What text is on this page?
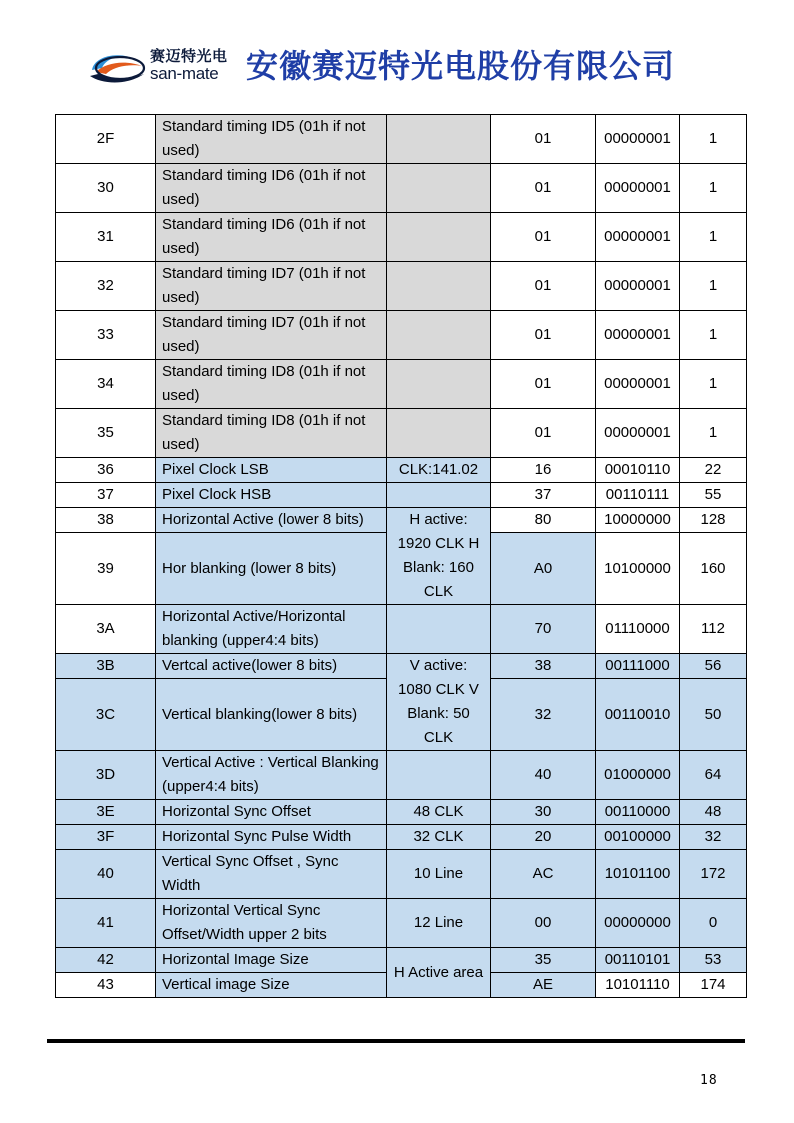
赛迈特光电
san-mate 安徽赛迈特光电股份有限公司
2F	Standard timing ID5 (01h if not used)		01	00000001	1
30	Standard timing ID6 (01h if not used)		01	00000001	1
31	Standard timing ID6 (01h if not used)		01	00000001	1
32	Standard timing ID7 (01h if not used)		01	00000001	1
33	Standard timing ID7 (01h if not used)		01	00000001	1
34	Standard timing ID8 (01h if not used)		01	00000001	1
35	Standard timing ID8 (01h if not used)		01	00000001	1
36	Pixel Clock LSB	CLK:141.02	16	00010110	22
37	Pixel Clock HSB		37	00110111	55
38	Horizontal Active (lower 8 bits)	H active: 1920 CLK H Blank: 160 CLK	80	10000000	128
39	Hor blanking (lower 8 bits)		A0	10100000	160
3A	Horizontal Active/Horizontal blanking (upper4:4 bits)		70	01110000	112
3B	Vertcal active(lower 8 bits)	V active: 1080 CLK V Blank: 50 CLK	38	00111000	56
3C	Vertical blanking(lower 8 bits)		32	00110010	50
3D	Vertical Active : Vertical Blanking (upper4:4 bits)		40	01000000	64
3E	Horizontal Sync Offset	48 CLK	30	00110000	48
3F	Horizontal Sync Pulse Width	32 CLK	20	00100000	32
40	Vertical Sync Offset , Sync Width	10 Line	AC	10101100	172
41	Horizontal Vertical Sync Offset/Width upper 2 bits	12 Line	00	00000000	0
42	Horizontal Image Size	H Active area	35	00110101	53
43	Vertical image Size		AE	10101110	174
18
